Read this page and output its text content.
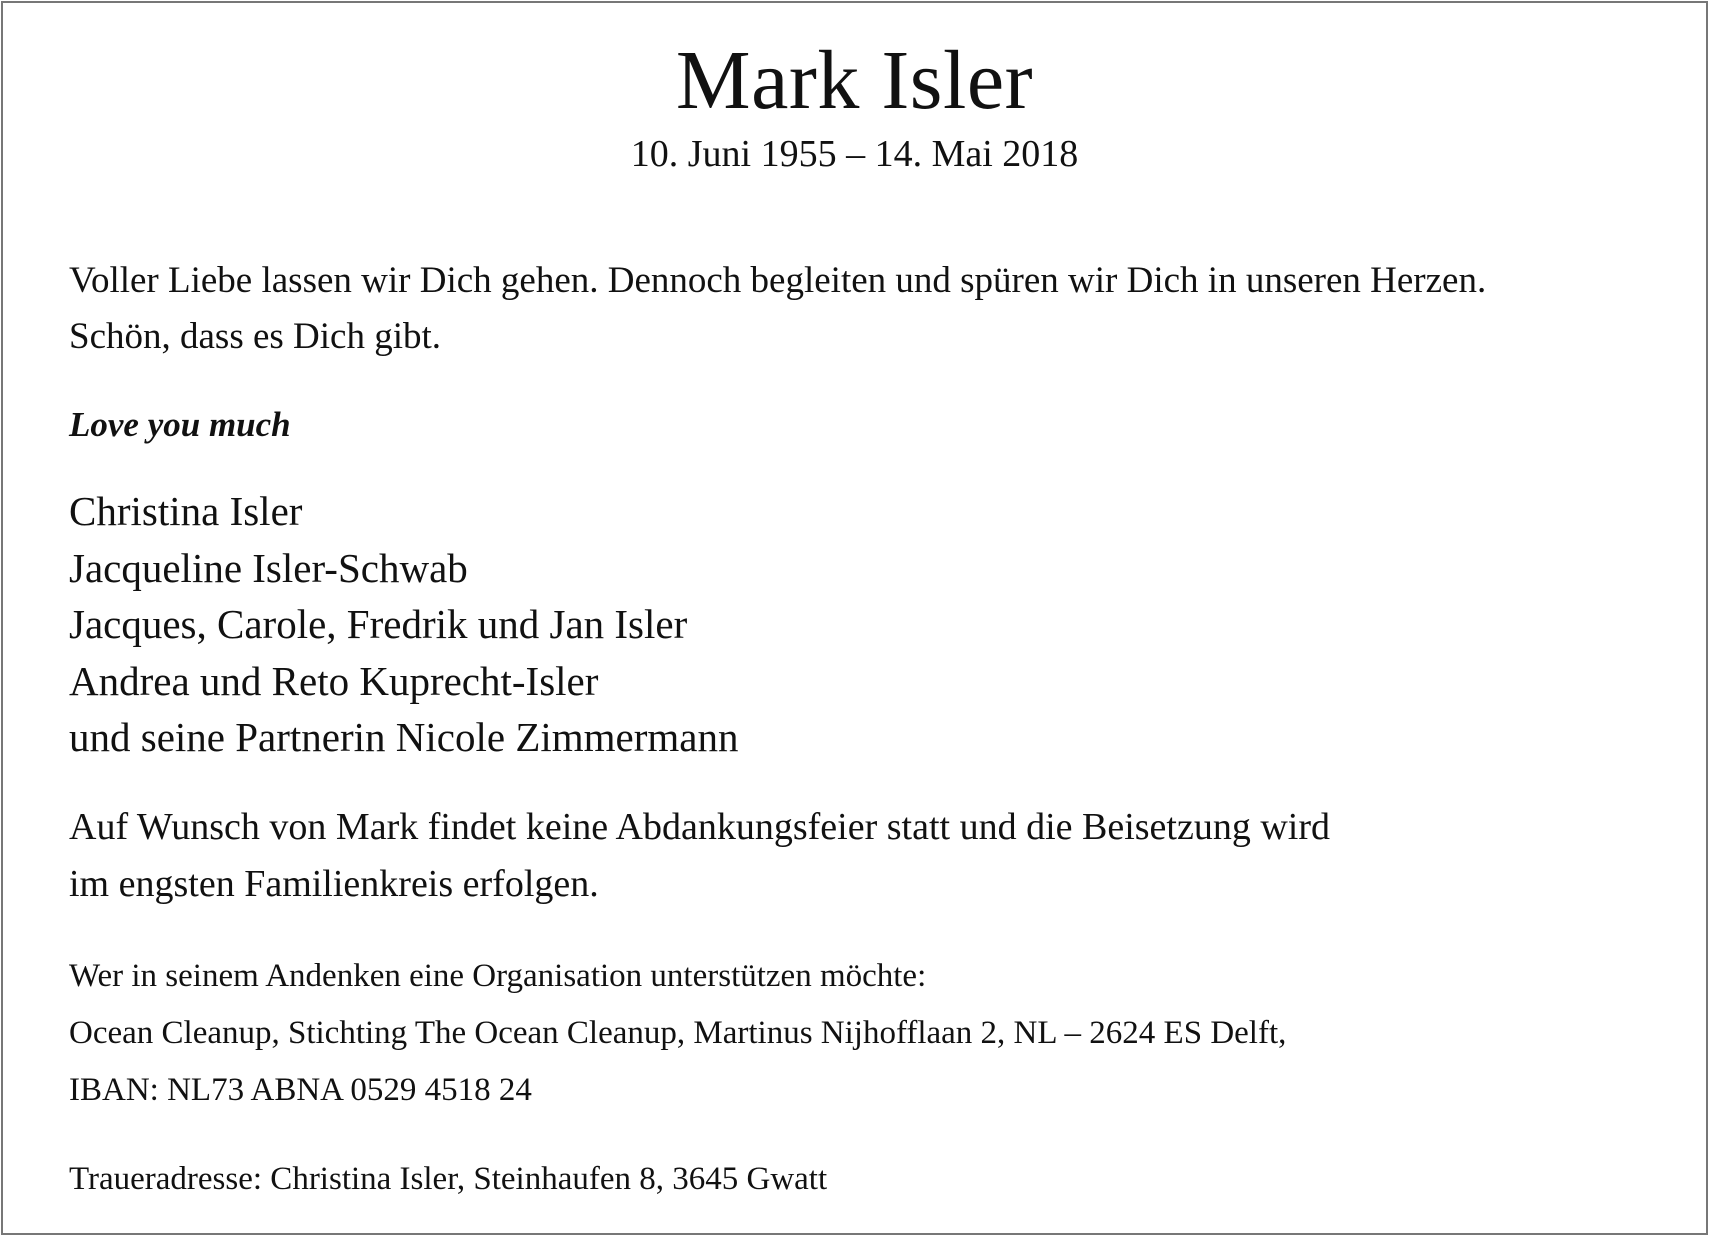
Mark Isler
10. Juni 1955 – 14. Mai 2018

Voller Liebe lassen wir Dich gehen. Dennoch begleiten und spüren wir Dich in unseren Herzen.

Schön, dass es Dich gibt.

Love you much
Christina Isler
Jacqueline Isler-Schwab
Jacques, Carole, Fredrik und Jan Isler
Andrea und Reto Kuprecht-Isler
und seine Partnerin Nicole Zimmermann

Auf Wunsch von Mark findet keine Abdankungsfeier statt und die Beisetzung wird

im engsten Familienkreis erfolgen.

Wer in seinem Andenken eine Organisation unterstützen möchte:

Ocean Cleanup, Stichting The Ocean Cleanup, Martinus Nijhofflaan 2, NL – 2624 ES Delft,

IBAN: NL73 ABNA 0529 4518 24

Traueradresse: Christina Isler, Steinhaufen 8, 3645 Gwatt
